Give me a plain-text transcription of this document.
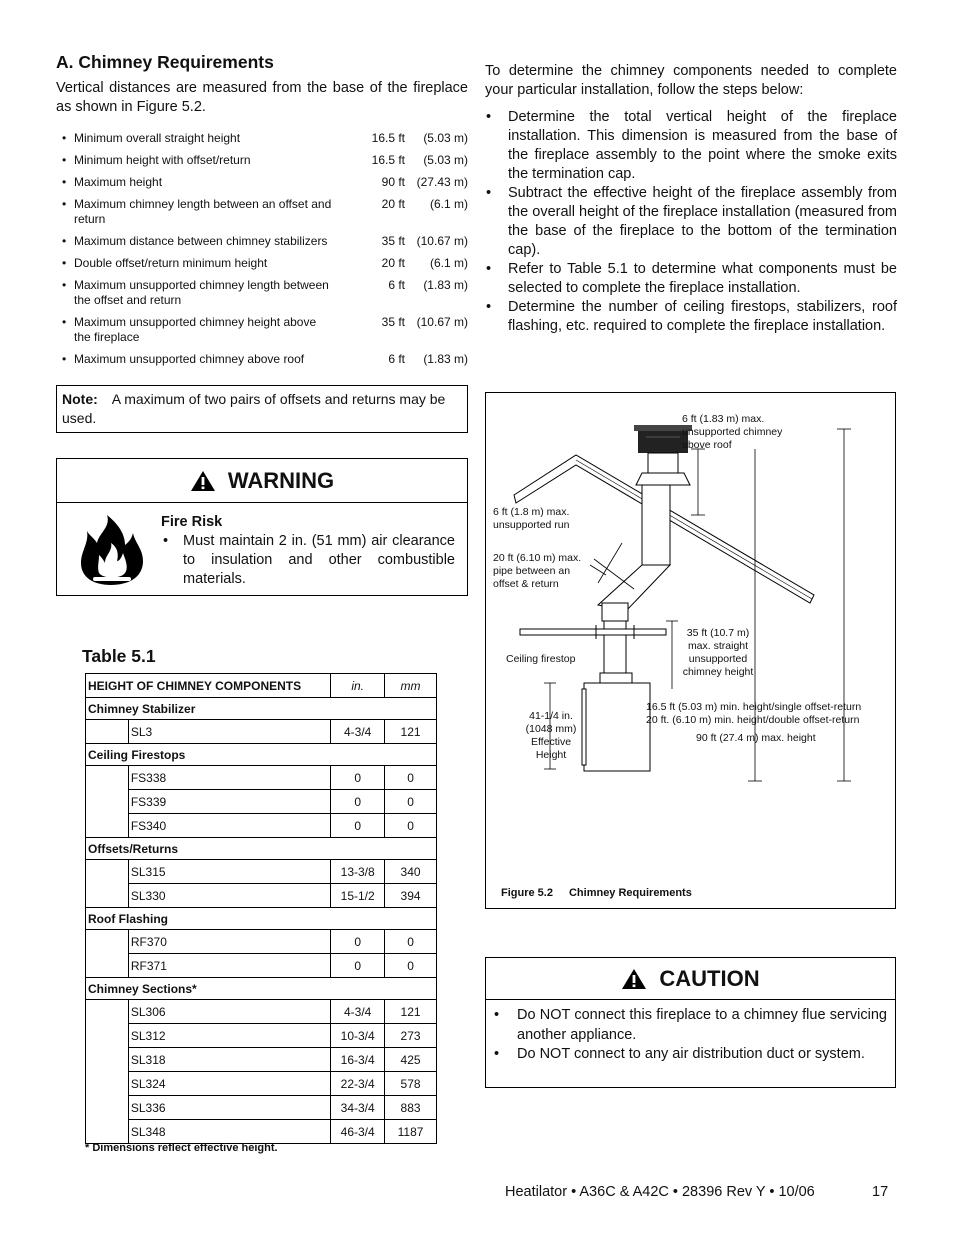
A. Chimney Requirements

Vertical distances are measured from the base of the fireplace as shown in Figure 5.2.

• Minimum overall straight height	16.5 ft	(5.03 m)
• Minimum height with offset/return	16.5 ft	(5.03 m)
• Maximum height	90 ft (27.43 m)
• Maximum chimney length between an offset and return
20 ft	(6.1 m)
• Maximum distance between chimney stabilizers	35 ft (10.67 m)
• Double offset/return minimum height	20 ft	(6.1 m)
• Maximum unsupported chimney length between the offset and return
6 ft	(1.83 m)
• Maximum unsupported chimney height above the fireplace
35 ft (10.67 m)
• Maximum unsupported chimney above roof	6 ft	(1.83 m)
Note: A maximum of two pairs of offsets and returns may be used.
WARNING
Fire Risk
•	Must maintain 2 in. (51 mm) air clearance to insulation and other combustible materials.
Table 5.1
HEIGHT OF CHIMNEY COMPONENTS		in.	mm
Chimney Stabilizer			
	SL3	4-3/4	121
Ceiling Firestops			
	FS338	0	0
	FS339	0	0
	FS340	0	0
Offsets/Returns			
	SL315	13-3/8	340
	SL330	15-1/2	394
Roof Flashing			
	RF370	0	0
	RF371	0	0
Chimney Sections*			
	SL306	4-3/4	121
	SL312	10-3/4	273
	SL318	16-3/4	425
	SL324	22-3/4	578
	SL336	34-3/4	883
	SL348	46-3/4	1187
* Dimensions reflect effective height.

To determine the chimney components needed to complete your particular installation, follow the steps below:

•	Determine the total vertical height of the fireplace installation. This dimension is measured from the base of the fireplace assembly to the point where the smoke exits the termination cap.
•	Subtract the effective height of the fireplace assembly from the overall height of the fireplace installation (measured from the base of the fireplace to the bottom of the termination cap).
•	Refer to Table 5.1 to determine what components must be selected to complete the fireplace installation.
•	Determine the number of ceiling firestops, stabilizers, roof flashing, etc. required to complete the fireplace installation.
6 ft (1.83 m) max. unsupported chimney above roof
6 ft (1.8 m) max. unsupported run
20 ft (6.10 m) max. pipe between an offset & return
Ceiling firestop
35 ft (10.7 m) max. straight unsupported chimney height
41-1/4 in. (1048 mm) Effective Height
16.5 ft (5.03 m) min. height/single offset-return
20 ft. (6.10 m) min. height/double offset-return
90 ft (27.4 m) max. height
Figure 5.2 Chimney Requirements
CAUTION
•	Do NOT connect this fireplace to a chimney flue servicing another appliance.
•	Do NOT connect to any air distribution duct or system.
Heatilator • A36C & A42C • 28396 Rev Y • 10/06	17
